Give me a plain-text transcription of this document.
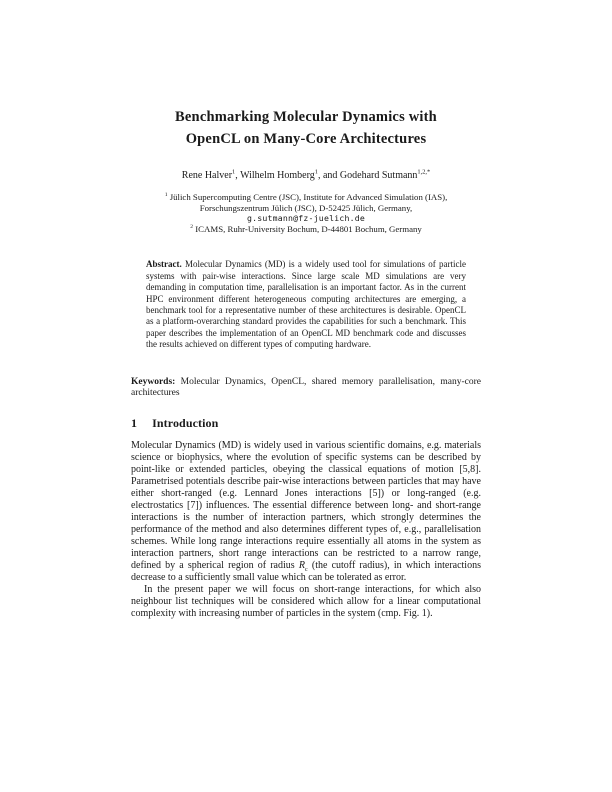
Benchmarking Molecular Dynamics with
OpenCL on Many-Core Architectures
Rene Halver$^1$, Wilhelm Homberg$^1$, and Godehard Sutmann$^{1,2,*}$
$^1$ Jülich Supercomputing Centre (JSC), Institute for Advanced Simulation (IAS),
Forschungszentrum Jülich (JSC), D-52425 Jülich, Germany,
g.sutmann@fz-juelich.de
$^2$ ICAMS, Ruhr-University Bochum, D-44801 Bochum, Germany

Abstract. Molecular Dynamics (MD) is a widely used tool for simulations of particle systems with pair-wise interactions. Since large scale MD simulations are very demanding in computation time, parallelisation is an important factor. As in the current HPC environment different heterogeneous computing architectures are emerging, a benchmark tool for a representative number of these architectures is desirable. OpenCL as a platform-overarching standard provides the capabilities for such a benchmark. This paper describes the implementation of an OpenCL MD benchmark code and discusses the results achieved on different types of computing hardware.

Keywords: Molecular Dynamics, OpenCL, shared memory parallelisation, many-core architectures

1 Introduction

Molecular Dynamics (MD) is widely used in various scientific domains, e.g. materials science or biophysics, where the evolution of specific systems can be described by point-like or extended particles, obeying the classical equations of motion [5,8]. Parametrised potentials describe pair-wise interactions between particles that may have either short-ranged (e.g. Lennard Jones interactions [5]) or long-ranged (e.g. electrostatics [7]) influences. The essential difference between long- and short-range interactions is the number of interaction partners, which strongly determines the performance of the method and also determines different types of, e.g., parallelisation schemes. While long range interactions require essentially all atoms in the system as interaction partners, short range interactions can be restricted to a narrow range, defined by a spherical region of radius $R_c$ (the cutoff radius), in which interactions decrease to a sufficiently small value which can be tolerated as error.

In the present paper we will focus on short-range interactions, for which also neighbour list techniques will be considered which allow for a linear computational complexity with increasing number of particles in the system (cmp. Fig. 1).
